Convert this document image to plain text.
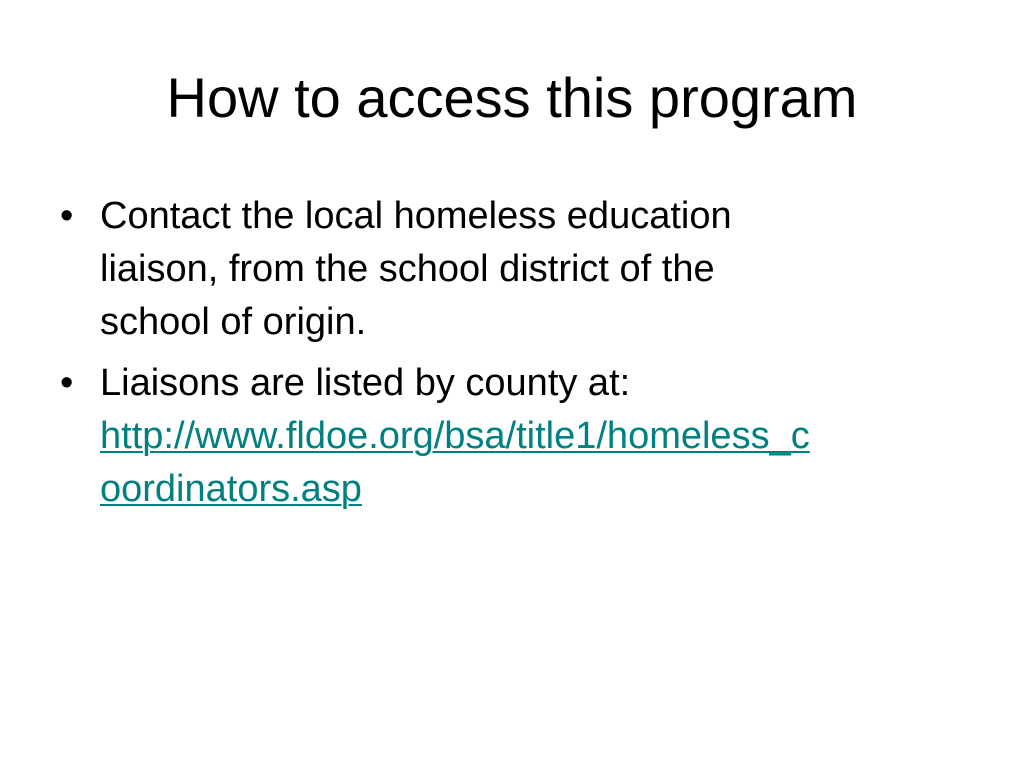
How to access this program
• Contact the local homeless education
liaison, from the school district of the
school of origin.
• Liaisons are listed by county at:
http://www.fldoe.org/bsa/title1/homeless_c
oordinators.asp
